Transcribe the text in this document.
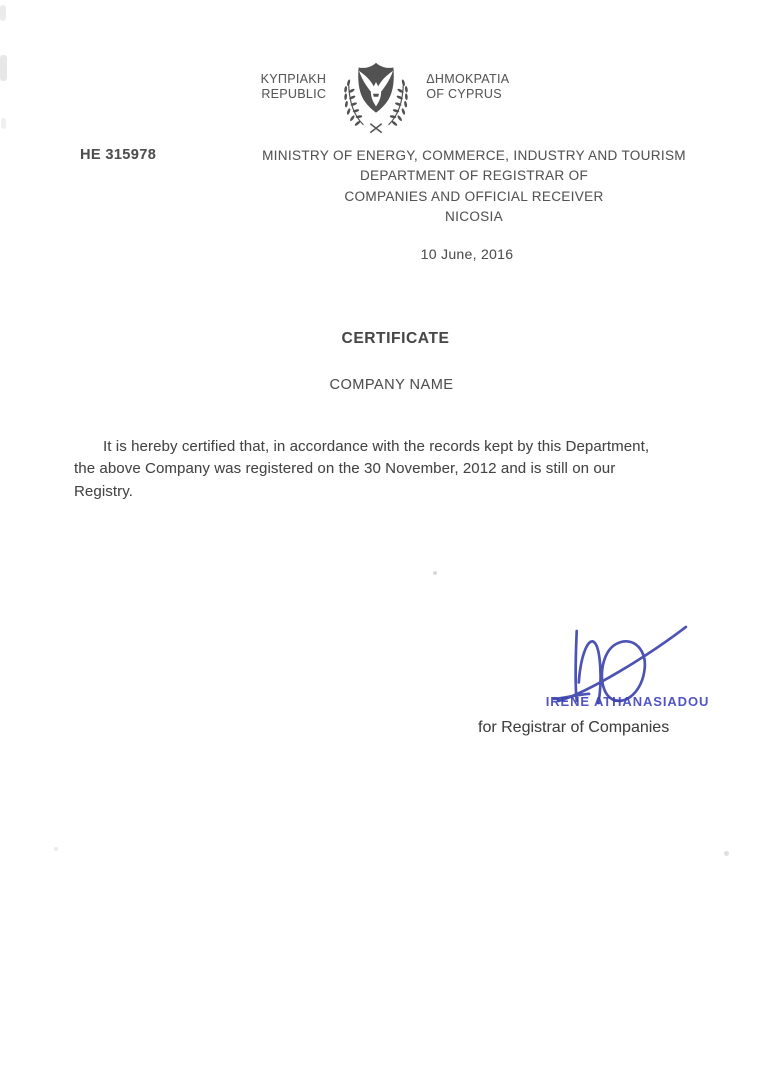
ΚΥΠΡΙΑΚΗ
REPUBLIC
ΔΗΜΟΚΡΑΤΙΑ
OF CYPRUS
HE 315978	MINISTRY OF ENERGY, COMMERCE, INDUSTRY AND TOURISM
DEPARTMENT OF REGISTRAR OF
COMPANIES AND OFFICIAL RECEIVER
NICOSIA
10 June, 2016
CERTIFICATE
COMPANY NAME
It is hereby certified that, in accordance with the records kept by this Department,
the above Company was registered on the 30 November, 2012 and is still on our
Registry.
IRENE ATHANASIADOU
for Registrar of Companies
